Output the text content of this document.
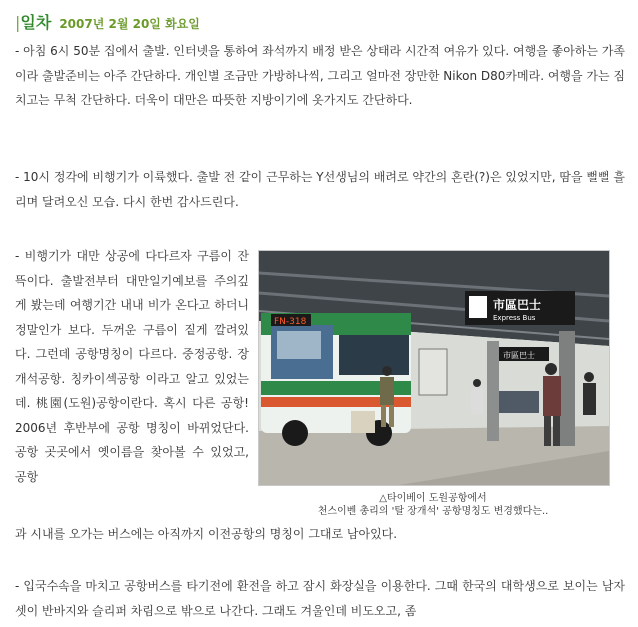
|일차 2007년 2월 20일 화요일
- 아침 6시 50분 집에서 출발. 인터넷을 통하여 좌석까지 배정 받은 상태라 시간적 여유가 있다. 여행을 좋아하는 가족이라 출발준비는 아주 간단하다. 개인별 조금만 가방하나씩, 그리고 얼마전 장만한 Nikon D80카메라. 여행을 가는 짐치고는 무척 간단하다. 더욱이 대만은 따뜻한 지방이기에 옷가지도 간단하다.
- 10시 정각에 비행기가 이륙했다. 출발 전 같이 근무하는 Y선생님의 배려로 약간의 혼란(?)은 있었지만, 땀을 뻘뻘 흘리며 달려오신 모습. 다시 한번 감사드린다.
- 비행기가 대만 상공에 다다르자 구름이 잔뜩이다. 출발전부터 대만일기예보를 주의깊게 봤는데 여행기간 내내 비가 온다고 하더니 정말인가 보다. 두꺼운 구름이 짙게 깔려있다. 그런데 공항명칭이 다르다. 중정공항. 장개석공항. 칭카이섹공항 이라고 알고 있었는데. 桃園(도원)공항이란다. 혹시 다른 공항! 2006년 후반부에 공항 명칭이 바뀌었단다. 공항 곳곳에서 옛이름을 찾아볼 수 있었고, 공항
FN-318
市區巴士
Express Bus
市區巴士
△타이베이 도원공항에서
천스이벤 총리의 '탈 장개석' 공항명칭도 변경했다는..
과 시내를 오가는 버스에는 아직까지 이전공항의 명칭이 그대로 남아있다.
- 입국수속을 마치고 공항버스를 타기전에 환전을 하고 잠시 화장실을 이용한다. 그때 한국의 대학생으로 보이는 남자셋이 반바지와 슬리퍼 차림으로 밖으로 나간다. 그래도 겨울인데 비도오고, 좀
